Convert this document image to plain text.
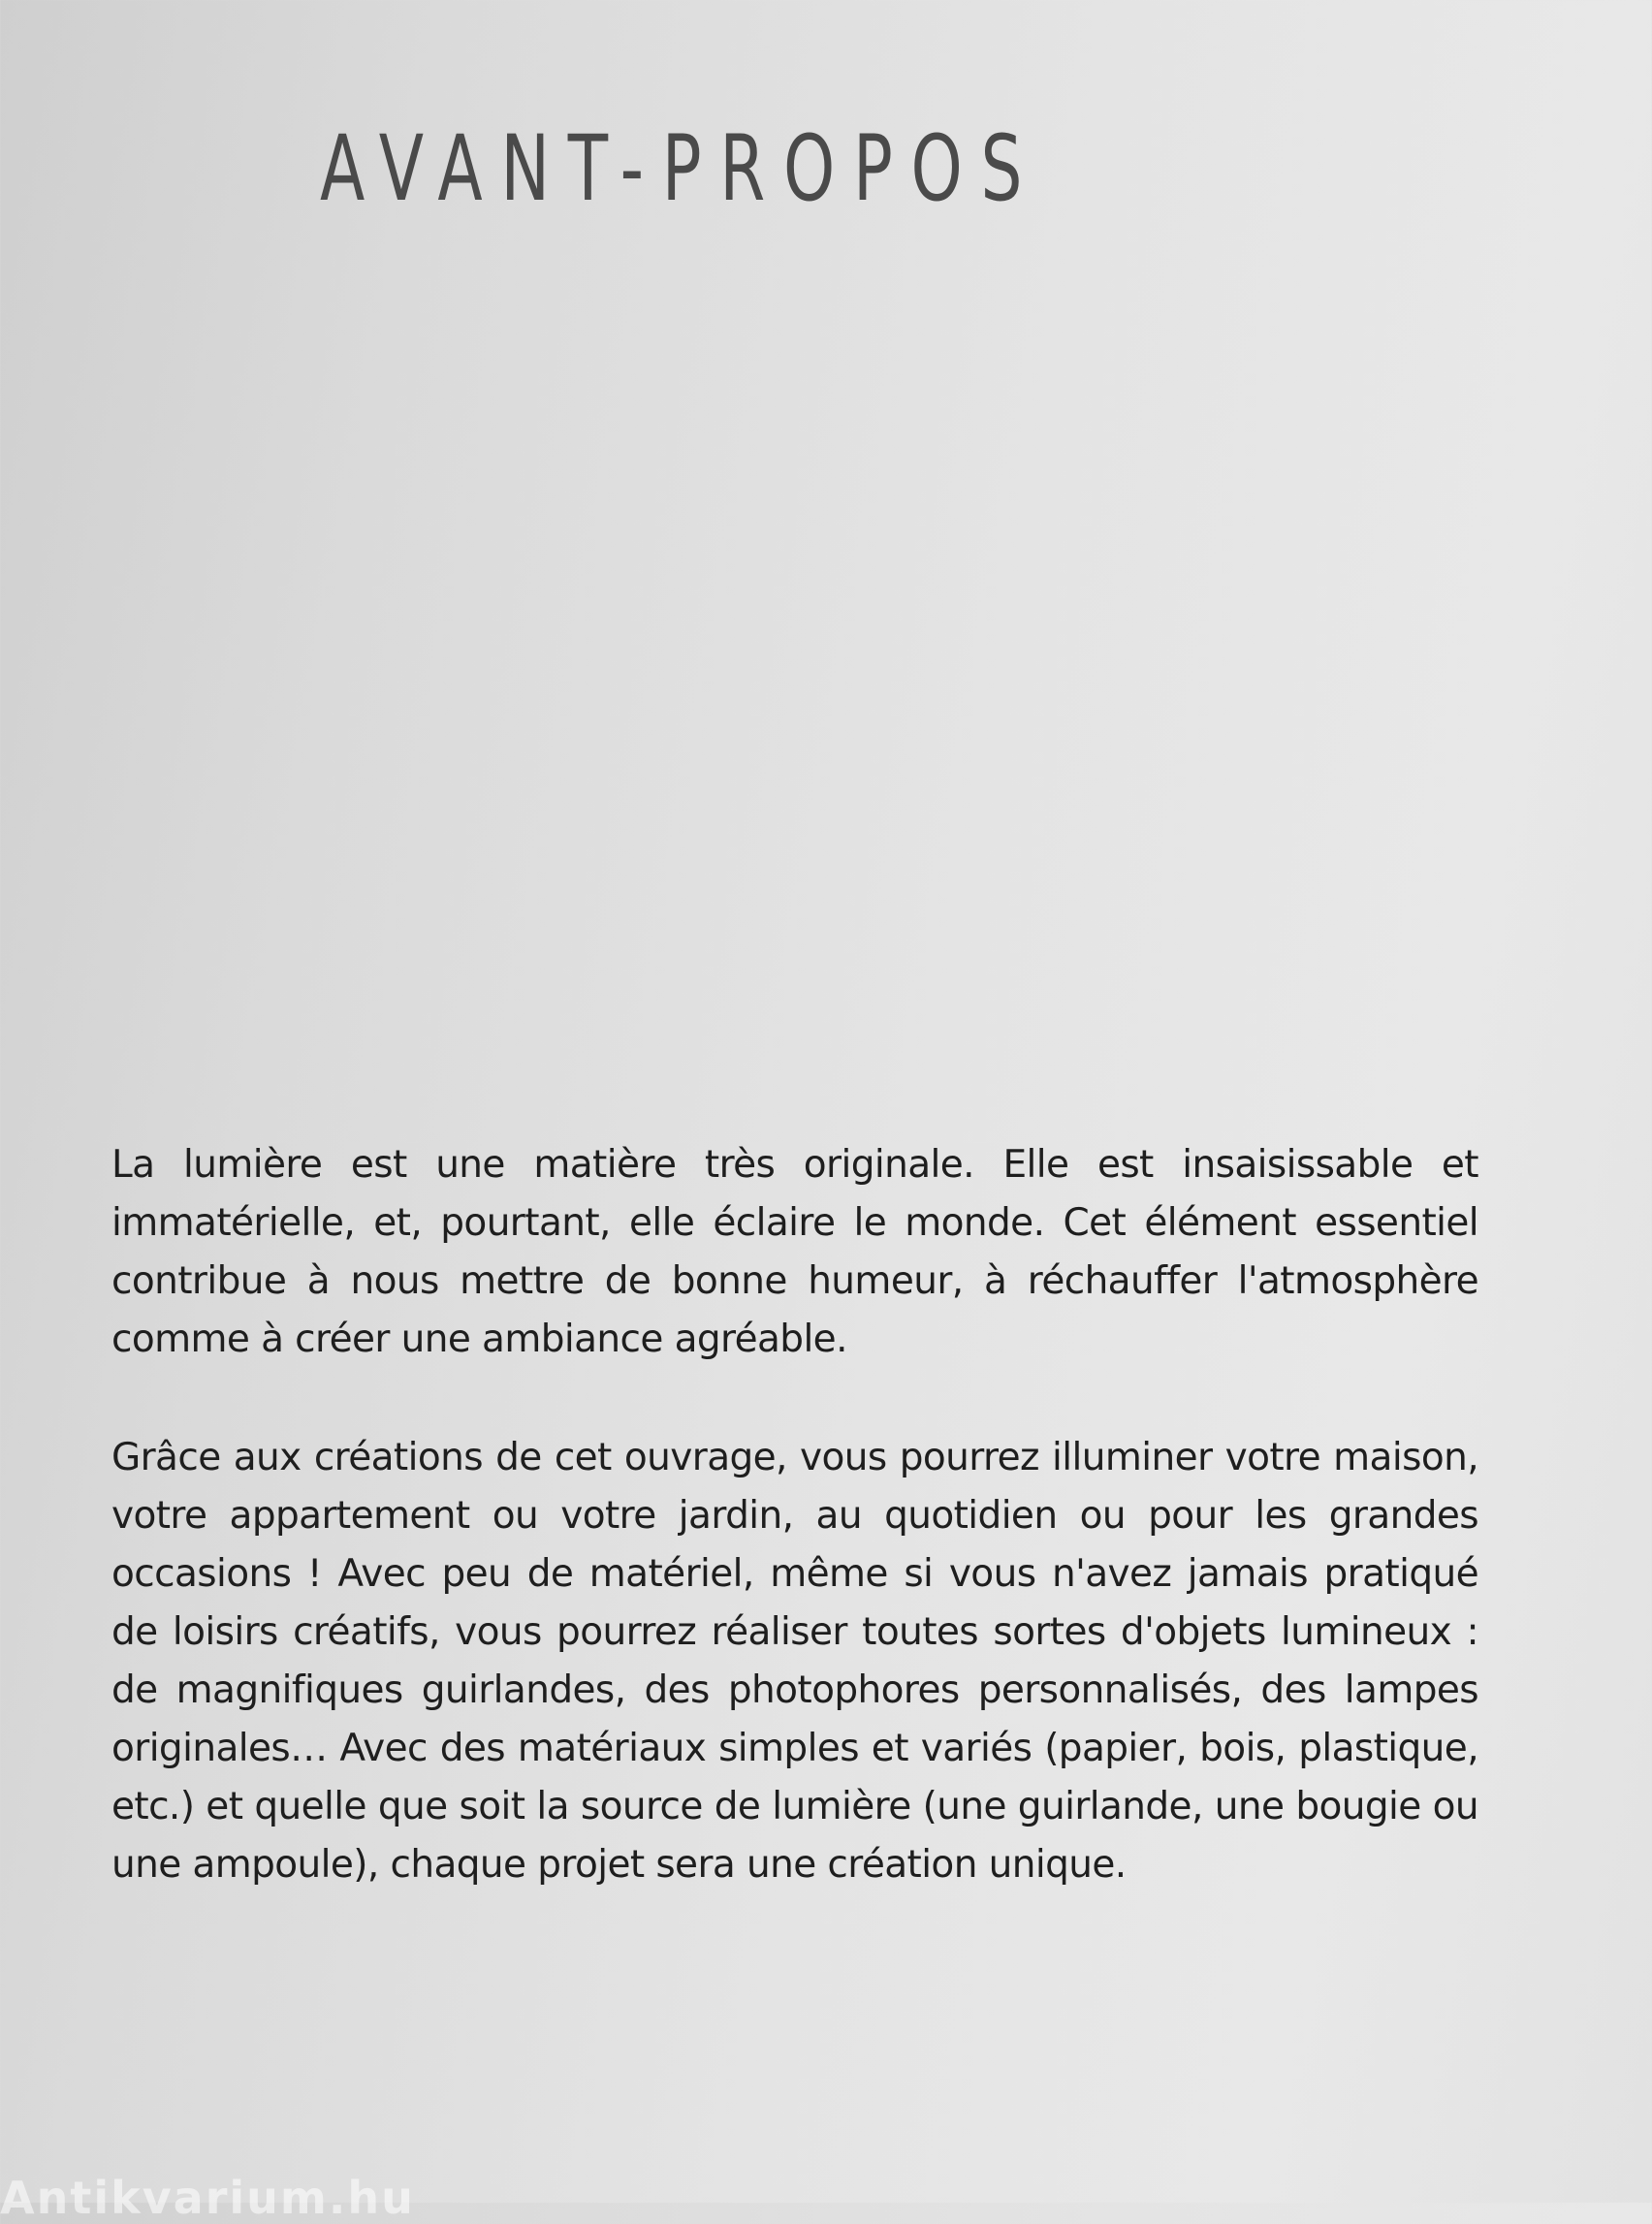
AVANT-PROPOS

La lumière est une matière très originale. Elle est insaisissable et immatérielle, et, pourtant, elle éclaire le monde. Cet élément essentiel contribue à nous mettre de bonne humeur, à réchauffer l'atmosphère comme à créer une ambiance agréable.

Grâce aux créations de cet ouvrage, vous pourrez illuminer votre maison, votre appartement ou votre jardin, au quotidien ou pour les grandes occasions ! Avec peu de matériel, même si vous n'avez jamais pratiqué de loisirs créatifs, vous pourrez réaliser toutes sortes d'objets lumineux : de magnifiques guirlandes, des photophores personnalisés, des lampes originales… Avec des matériaux simples et variés (papier, bois, plastique, etc.) et quelle que soit la source de lumière (une guirlande, une bougie ou une ampoule), chaque projet sera une création unique.

Antikvarium.hu
